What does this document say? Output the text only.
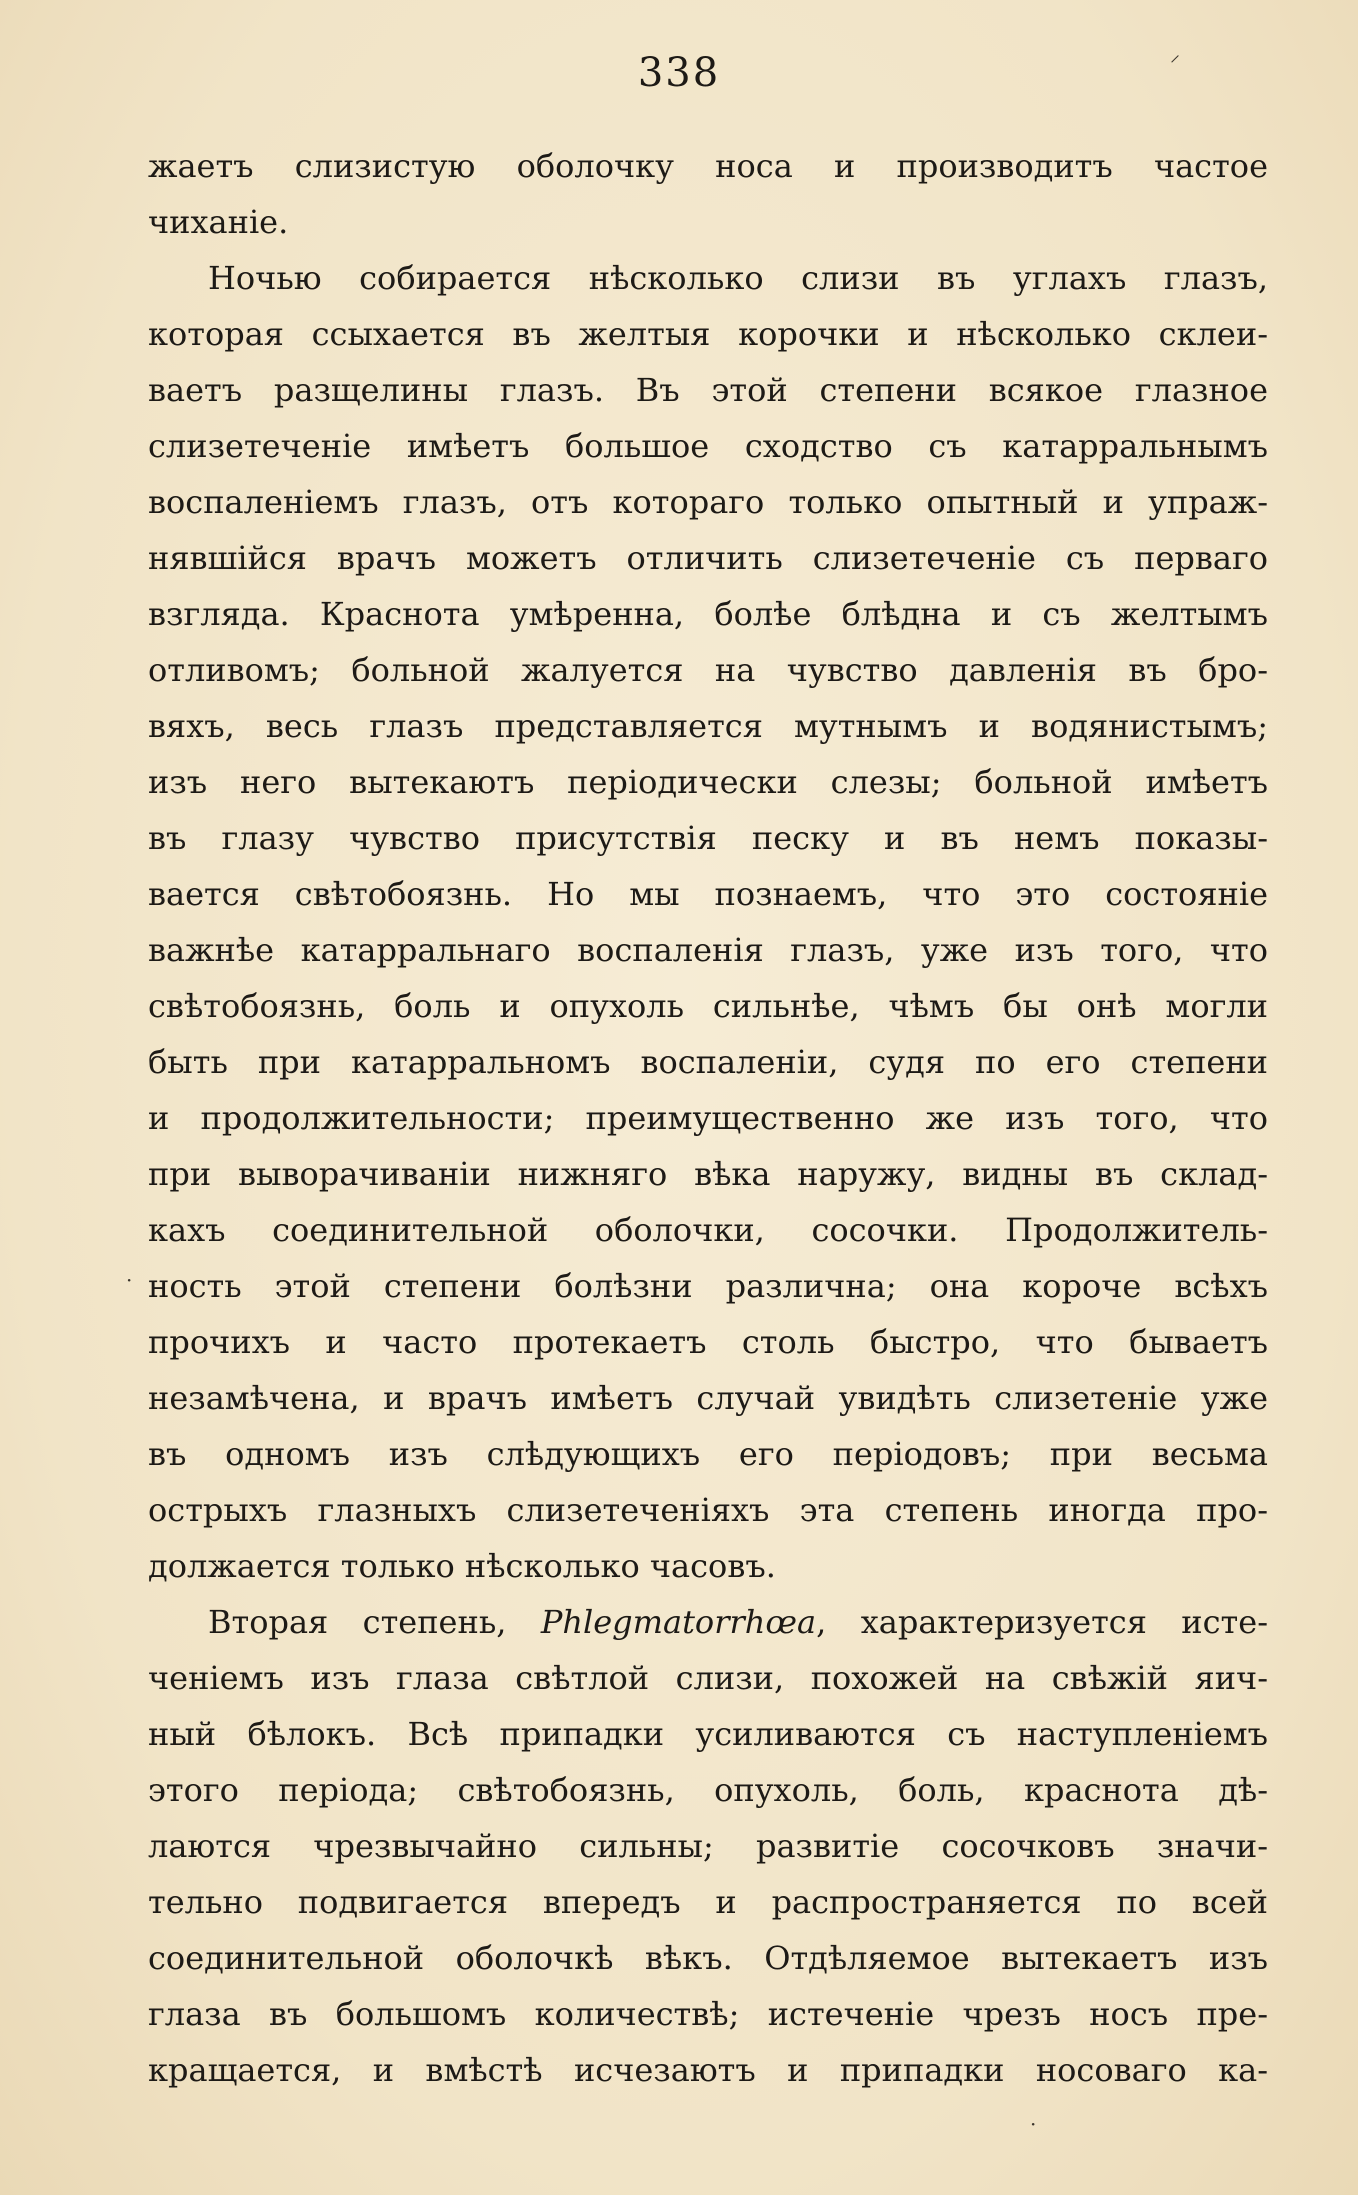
338	⸝
·
·
жаетъ слизистую оболочку носа и производитъ частое
чиханіе.
Ночью собирается нѣсколько слизи въ углахъ глазъ,
которая ссыхается въ желтыя корочки и нѣсколько склеи-
ваетъ разщелины глазъ. Въ этой степени всякое глазное
слизетеченіе имѣетъ большое сходство съ катарральнымъ
воспаленіемъ глазъ, отъ котораго только опытный и упраж-
нявшійся врачъ можетъ отличить слизетеченіе съ перваго
взгляда. Краснота умѣренна, болѣе блѣдна и съ желтымъ
отливомъ; больной жалуется на чувство давленія въ бро-
вяхъ, весь глазъ представляется мутнымъ и водянистымъ;
изъ него вытекаютъ періодически слезы; больной имѣетъ
въ глазу чувство присутствія песку и въ немъ показы-
вается свѣтобоязнь. Но мы познаемъ, что это состояніе
важнѣе катарральнаго воспаленія глазъ, уже изъ того, что
свѣтобоязнь, боль и опухоль сильнѣе, чѣмъ бы онѣ могли
быть при катарральномъ воспаленіи, судя по его степени
и продолжительности; преимущественно же изъ того, что
при выворачиваніи нижняго вѣка наружу, видны въ склад-
кахъ соединительной оболочки, сосочки. Продолжитель-
ность этой степени болѣзни различна; она короче всѣхъ
прочихъ и часто протекаетъ столь быстро, что бываетъ
незамѣчена, и врачъ имѣетъ случай увидѣть слизетеніе уже
въ одномъ изъ слѣдующихъ его періодовъ; при весьма
острыхъ глазныхъ слизетеченіяхъ эта степень иногда про-
должается только нѣсколько часовъ.
Вторая степень, Phlegmatorrhœa, характеризуется исте-
ченіемъ изъ глаза свѣтлой слизи, похожей на свѣжій яич-
ный бѣлокъ. Всѣ припадки усиливаются съ наступленіемъ
этого періода; свѣтобоязнь, опухоль, боль, краснота дѣ-
лаются чрезвычайно сильны; развитіе сосочковъ значи-
тельно подвигается впередъ и распространяется по всей
соединительной оболочкѣ вѣкъ. Отдѣляемое вытекаетъ изъ
глаза въ большомъ количествѣ; истеченіе чрезъ носъ пре-
кращается, и вмѣстѣ исчезаютъ и припадки носоваго ка-
